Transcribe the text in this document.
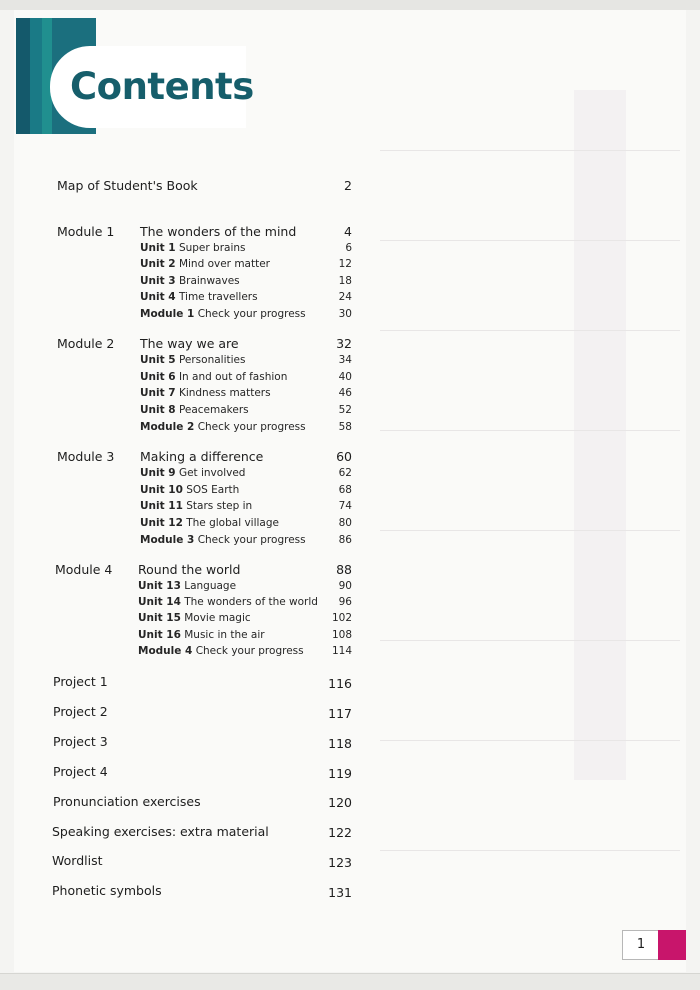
Contents
Map of Student's Book	2
Module 1 The wonders of the mind	4
Unit 1 Super brains	6
Unit 2 Mind over matter	12
Unit 3 Brainwaves	18
Unit 4 Time travellers	24
Module 1 Check your progress	30
Module 2 The way we are	32
Unit 5 Personalities	34
Unit 6 In and out of fashion	40
Unit 7 Kindness matters	46
Unit 8 Peacemakers	52
Module 2 Check your progress	58
Module 3 Making a difference	60
Unit 9 Get involved	62
Unit 10 SOS Earth	68
Unit 11 Stars step in	74
Unit 12 The global village	80
Module 3 Check your progress	86
Module 4 Round the world	88
Unit 13 Language	90
Unit 14 The wonders of the world	96
Unit 15 Movie magic	102
Unit 16 Music in the air	108
Module 4 Check your progress	114
Project 1	116
Project 2	117
Project 3	118
Project 4	119
Pronunciation exercises	120
Speaking exercises: extra material	122
Wordlist	123
Phonetic symbols	131
1
